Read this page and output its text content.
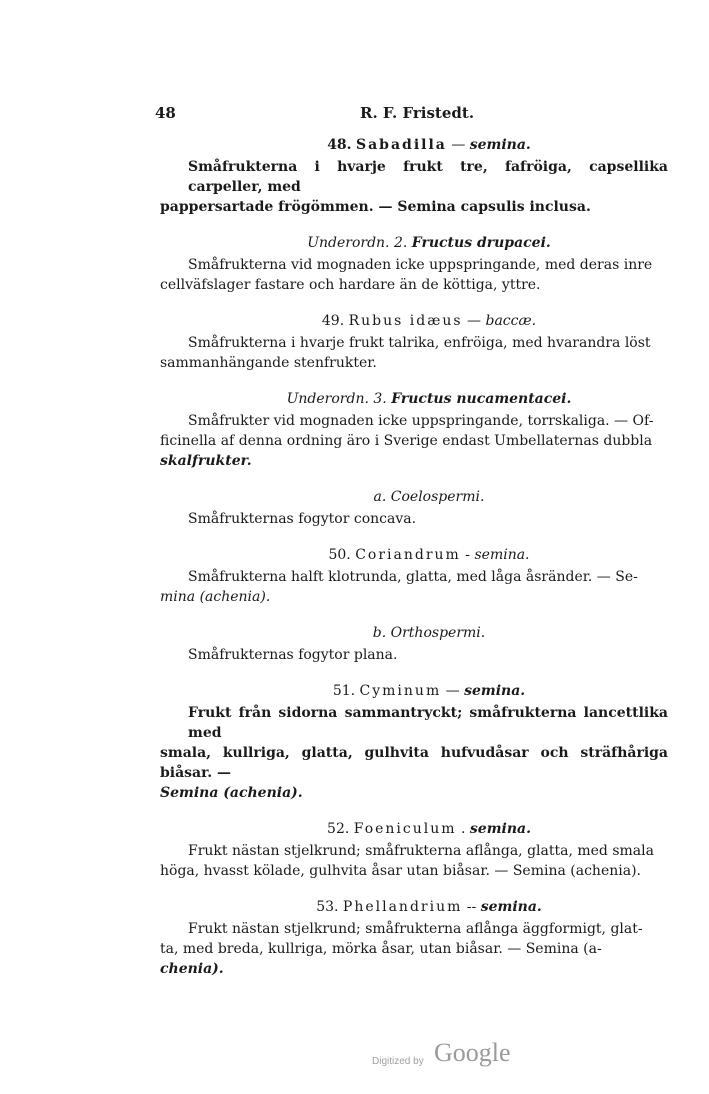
48	R. F. Fristedt.
48. Sabadilla — semina.

Småfrukterna i hvarje frukt tre, fafröiga, capsellika carpeller, med
pappersartade frögömmen. — Semina capsulis inclusa.

Underordn. 2. Fructus drupacei.

Småfrukterna vid mognaden icke uppspringande, med deras inre
cellväfslager fastare och hardare än de köttiga, yttre.

49. Rubus idæus — baccæ.

Småfrukterna i hvarje frukt talrika, enfröiga, med hvarandra löst
sammanhängande stenfrukter.

Underordn. 3. Fructus nucamentacei.

Småfrukter vid mognaden icke uppspringande, torrskaliga. — Of-
ficinella af denna ordning äro i Sverige endast Umbellaternas dubbla
skalfrukter.

a. Coelospermi.

Småfrukternas fogytor concava.

50. Coriandrum - semina.

Småfrukterna halft klotrunda, glatta, med låga åsränder. — Se-
mina (achenia).

b. Orthospermi.

Småfrukternas fogytor plana.

51. Cyminum — semina.

Frukt från sidorna sammantryckt; småfrukterna lancettlika med
smala, kullriga, glatta, gulhvita hufvudåsar och sträfhåriga biåsar. —
Semina (achenia).

52. Foeniculum . semina.

Frukt nästan stjelkrund; småfrukterna aflånga, glatta, med smala
höga, hvasst kölade, gulhvita åsar utan biåsar. — Semina (achenia).

53. Phellandrium -- semina.

Frukt nästan stjelkrund; småfrukterna aflånga äggformigt, glat-
ta, med breda, kullriga, mörka åsar, utan biåsar. — Semina (a-
chenia).

Digitized by Google
